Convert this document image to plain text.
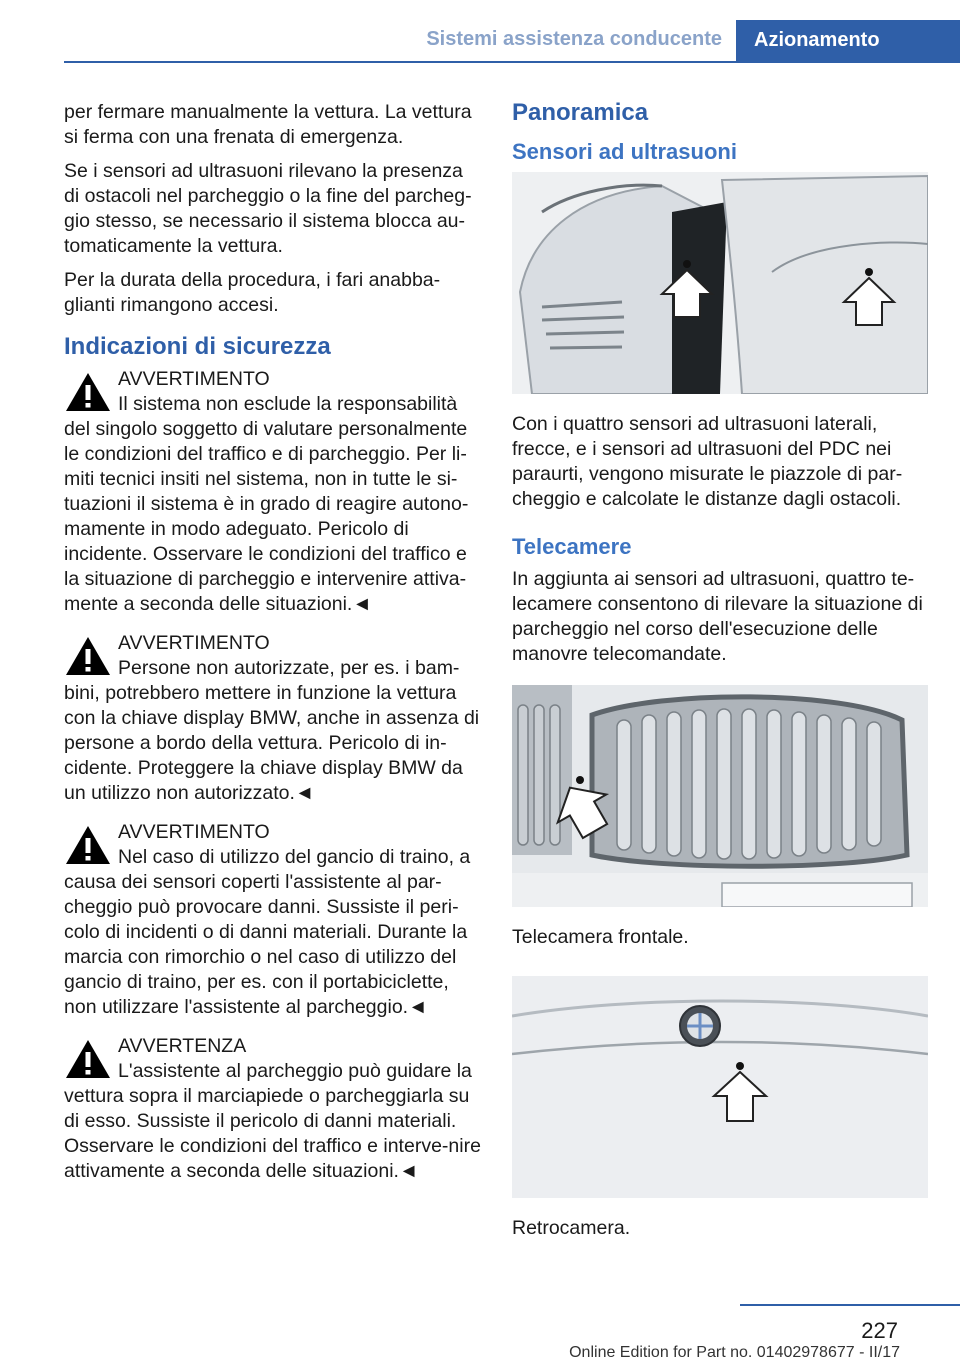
Sistemi assistenza conducente Azionamento

per fermare manualmente la vettura. La vettura si ferma con una frenata di emergenza.

Se i sensori ad ultrasuoni rilevano la presenza di ostacoli nel parcheggio o la fine del parcheg‐gio stesso, se necessario il sistema blocca au‐tomaticamente la vettura.

Per la durata della procedura, i fari anabba‐glianti rimangono accesi.

Indicazioni di sicurezza
AVVERTIMENTO
Il sistema non esclude la responsabilità del singolo soggetto di valutare personalmente le condizioni del traffico e di parcheggio. Per li‐miti tecnici insiti nel sistema, non in tutte le si‐tuazioni il sistema è in grado di reagire autono‐mamente in modo adeguato. Pericolo di incidente. Osservare le condizioni del traffico e la situazione di parcheggio e intervenire attiva‐mente a seconda delle situazioni.◄
AVVERTIMENTO
Persone non autorizzate, per es. i bam‐bini, potrebbero mettere in funzione la vettura con la chiave display BMW, anche in assenza di persone a bordo della vettura. Pericolo di in‐cidente. Proteggere la chiave display BMW da un utilizzo non autorizzato.◄
AVVERTIMENTO
Nel caso di utilizzo del gancio di traino, a causa dei sensori coperti l'assistente al par‐cheggio può provocare danni. Sussiste il peri‐colo di incidenti o di danni materiali. Durante la marcia con rimorchio o nel caso di utilizzo del gancio di traino, per es. con il portabiciclette, non utilizzare l'assistente al parcheggio.◄
AVVERTENZA
L'assistente al parcheggio può guidare la vettura sopra il marciapiede o parcheggiarla su di esso. Sussiste il pericolo di danni materiali. Osservare le condizioni del traffico e interve‐nire attivamente a seconda delle situazioni.◄
Panoramica
Sensori ad ultrasuoni

Con i quattro sensori ad ultrasuoni laterali, frecce, e i sensori ad ultrasuoni del PDC nei paraurti, vengono misurate le piazzole di par‐cheggio e calcolate le distanze dagli ostacoli.

Telecamere

In aggiunta ai sensori ad ultrasuoni, quattro te‐lecamere consentono di rilevare la situazione di parcheggio nel corso dell'esecuzione delle manovre telecomandate.

Telecamera frontale.

Retrocamera.

227
Online Edition for Part no. 01402978677 - II/17
